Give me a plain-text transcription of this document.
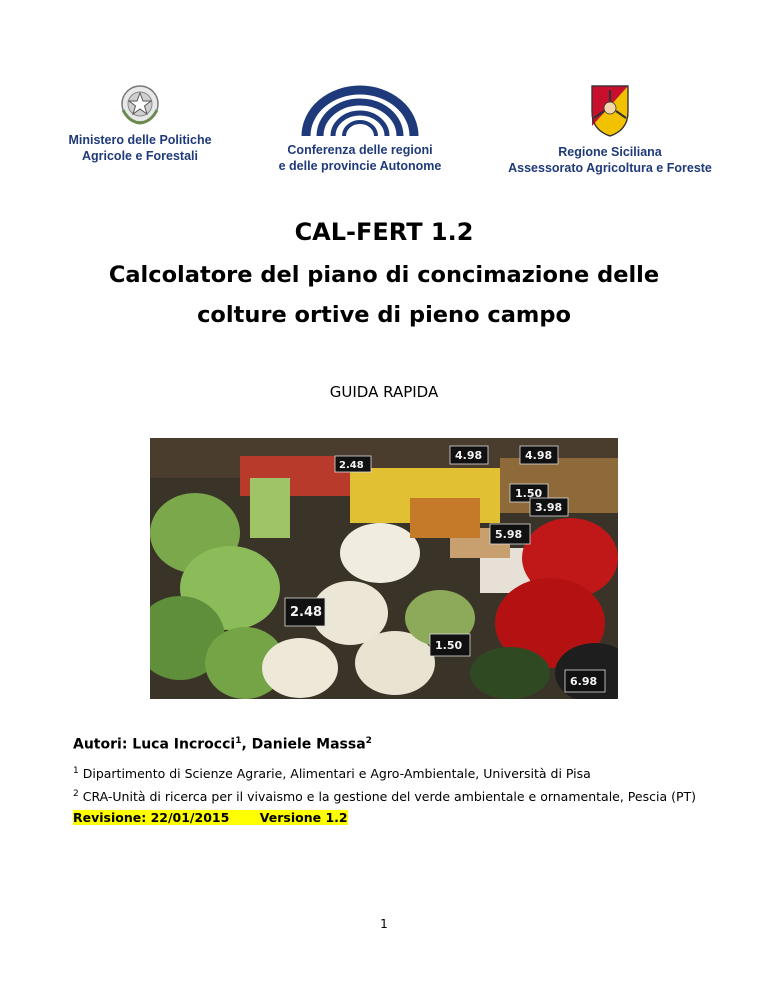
Ministero delle Politiche
Agricole e Forestali	Conferenza delle regioni
e delle provincie Autonome
Regione Siciliana
Assessorato Agricoltura e Foreste
CAL-FERT 1.2
Calcolatore del piano di concimazione delle
colture ortive di pieno campo
GUIDA RAPIDA
4.98	4.98
1.50
3.98
5.98
2.48
1.50
6.98
2.48
Autori: Luca Incrocci$^1$, Daniele Massa$^2$
$^1$ Dipartimento di Scienze Agrarie, Alimentari e Agro-Ambientale, Università di Pisa
$^2$ CRA-Unità di ricerca per il vivaismo e la gestione del verde ambientale e ornamentale, Pescia (PT)
Revisione: 22/01/2015 Versione 1.2
1
